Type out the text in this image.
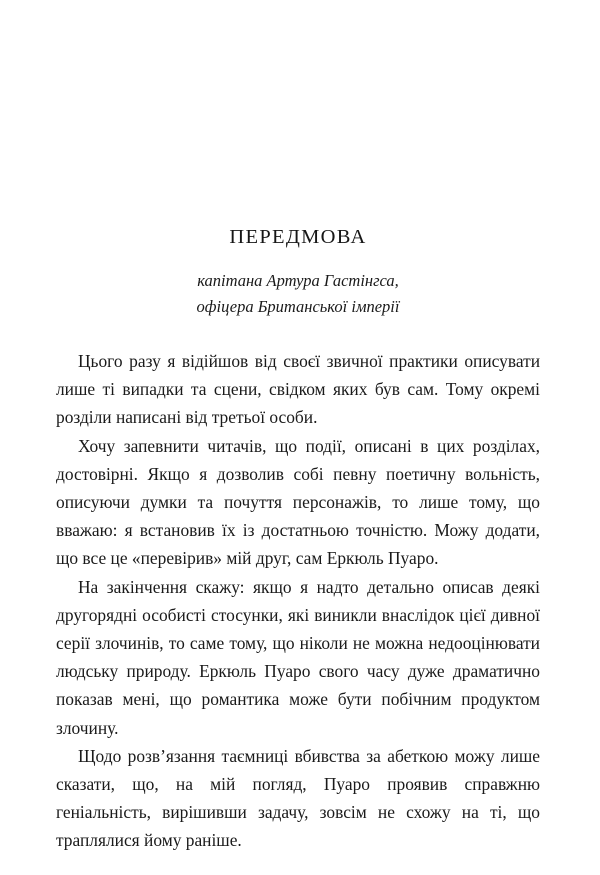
ПЕРЕДМОВА

капітана Артура Гастінгса,

офіцера Британської імперії

Цього разу я відійшов від своєї звичної практики описувати лише ті випадки та сцени, свідком яких був сам. Тому окремі розділи написані від третьої особи.

Хочу запевнити читачів, що події, описані в цих розділах, достовірні. Якщо я дозволив собі певну поетичну вольність, описуючи думки та почуття персонажів, то лише тому, що вважаю: я встановив їх із достатньою точністю. Можу додати, що все це «перевірив» мій друг, сам Еркюль Пуаро.

На закінчення скажу: якщо я надто детально описав деякі другорядні особисті стосунки, які виникли внаслідок цієї дивної серії злочинів, то саме тому, що ніколи не можна недооцінювати людську природу. Еркюль Пуаро свого часу дуже драматично показав мені, що романтика може бути побічним продуктом злочину.

Щодо розв’язання таємниці вбивства за абеткою можу лише сказати, що, на мій погляд, Пуаро проявив справжню геніальність, вирішивши задачу, зовсім не схожу на ті, що траплялися йому раніше.
